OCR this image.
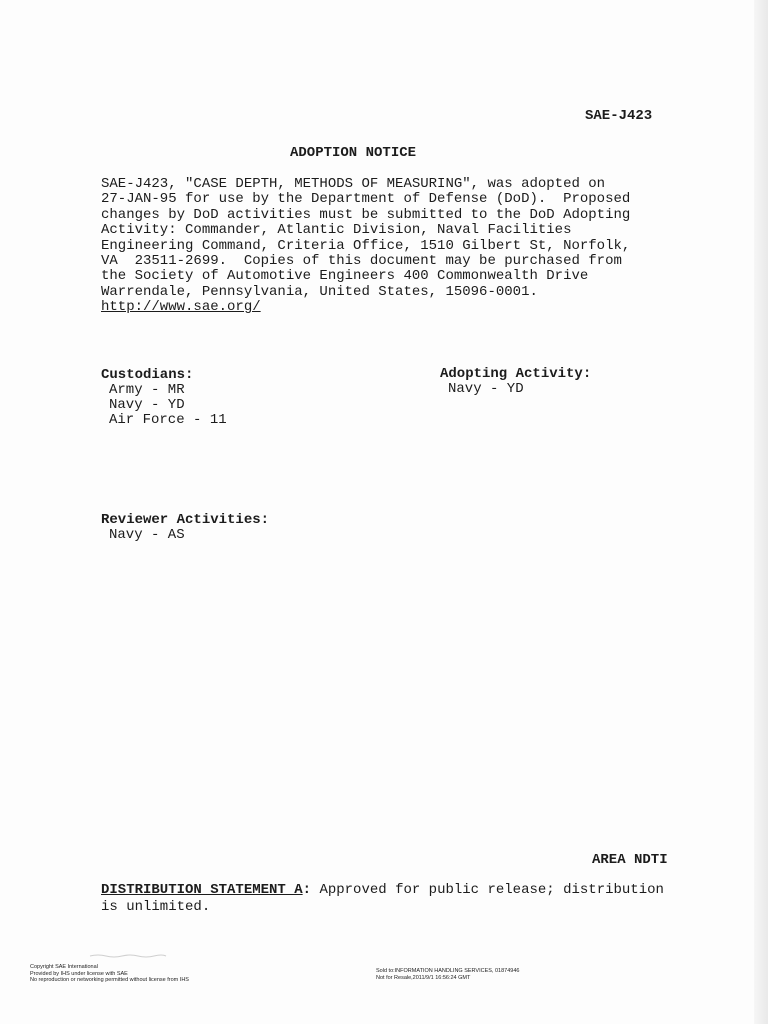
SAE-J423
ADOPTION NOTICE
SAE-J423, "CASE DEPTH, METHODS OF MEASURING", was adopted on
27-JAN-95 for use by the Department of Defense (DoD).  Proposed
changes by DoD activities must be submitted to the DoD Adopting
Activity: Commander, Atlantic Division, Naval Facilities
Engineering Command, Criteria Office, 1510 Gilbert St, Norfolk,
VA  23511-2699.  Copies of this document may be purchased from
the Society of Automotive Engineers 400 Commonwealth Drive
Warrendale, Pennsylvania, United States, 15096-0001.
http://www.sae.org/
Custodians:
Army - MR
Navy - YD
Air Force - 11
Adopting Activity:
Navy - YD
Reviewer Activities:
Navy - AS
AREA NDTI
DISTRIBUTION STATEMENT A: Approved for public release; distribution is unlimited.
Copyright SAE International
Provided by IHS under license with SAE
No reproduction or networking permitted without license from IHS
Sold to:INFORMATION HANDLING SERVICES, 01874946
Not for Resale,2011/9/1 16:56:24 GMT
